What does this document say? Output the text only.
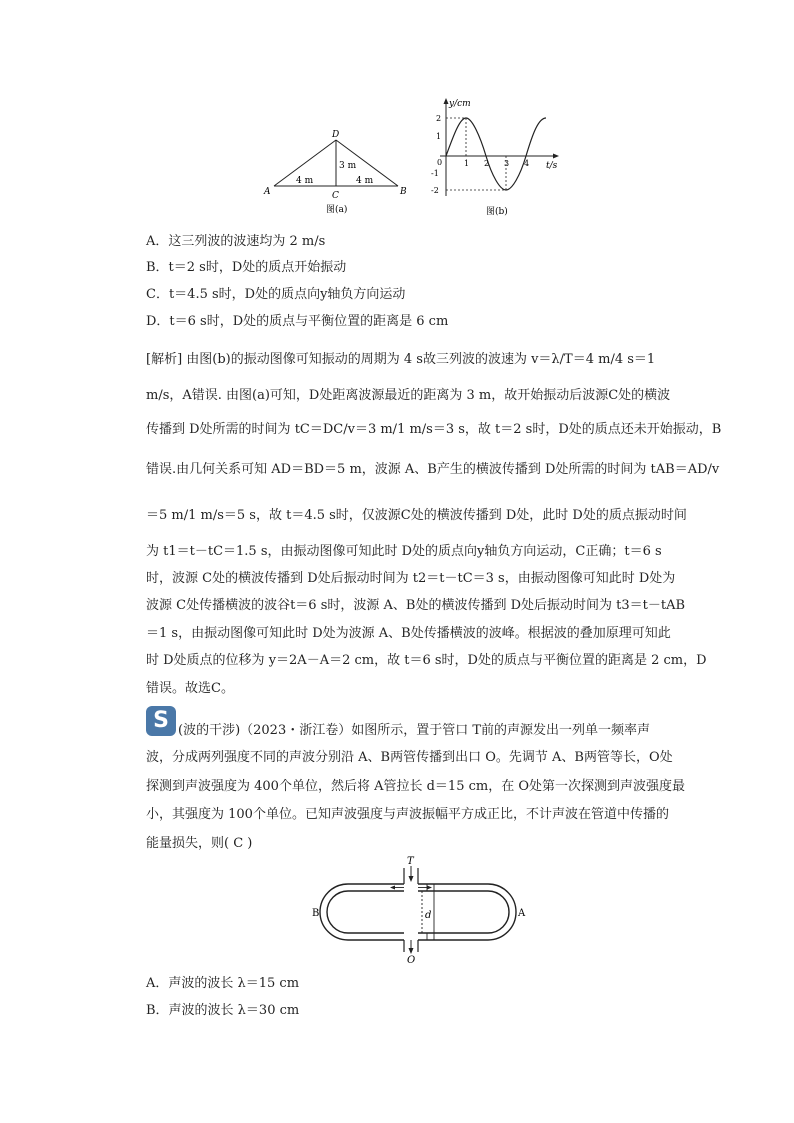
D
A	B
C
3 m
4 m	4 m
图(a)
y/cm
t/s
2
1
0
-1
-2
1 2 3 4
图(b)
A．这三列波的波速均为 2 m/s
B．t＝2 s时，D处的质点开始振动
C．t＝4.5 s时，D处的质点向y轴负方向运动
D．t＝6 s时，D处的质点与平衡位置的距离是 6 cm
[解析] 由图(b)的振动图像可知振动的周期为 4 s故三列波的波速为 v＝λ/T＝4 m/4 s＝1
m/s，A错误. 由图(a)可知，D处距离波源最近的距离为 3 m，故开始振动后波源C处的横波
传播到 D处所需的时间为 tC＝DC/v＝3 m/1 m/s＝3 s，故 t＝2 s时，D处的质点还未开始振动，B
错误.由几何关系可知 AD＝BD＝5 m，波源 A、B产生的横波传播到 D处所需的时间为 tAB＝AD/v
＝5 m/1 m/s＝5 s，故 t＝4.5 s时，仅波源C处的横波传播到 D处，此时 D处的质点振动时间
为 t1＝t－tC＝1.5 s，由振动图像可知此时 D处的质点向y轴负方向运动，C正确；t＝6 s
时，波源 C处的横波传播到 D处后振动时间为 t2＝t－tC＝3 s，由振动图像可知此时 D处为
波源 C处传播横波的波谷t＝6 s时，波源 A、B处的横波传播到 D处后振动时间为 t3＝t－tAB
＝1 s，由振动图像可知此时 D处为波源 A、B处传播横波的波峰。根据波的叠加原理可知此
时 D处质点的位移为 y＝2A－A＝2 cm，故 t＝6 s时，D处的质点与平衡位置的距离是 2 cm，D
错误。故选C。
S (波的干涉)（2023・浙江卷）如图所示，置于管口 T前的声源发出一列单一频率声
波，分成两列强度不同的声波分别沿 A、B两管传播到出口 O。先调节 A、B两管等长，O处
探测到声波强度为 400个单位，然后将 A管拉长 d＝15 cm，在 O处第一次探测到声波强度最
小，其强度为 100个单位。已知声波强度与声波振幅平方成正比，不计声波在管道中传播的
能量损失，则( C )
d
T
O
B	A
A．声波的波长 λ＝15 cm
B．声波的波长 λ＝30 cm
